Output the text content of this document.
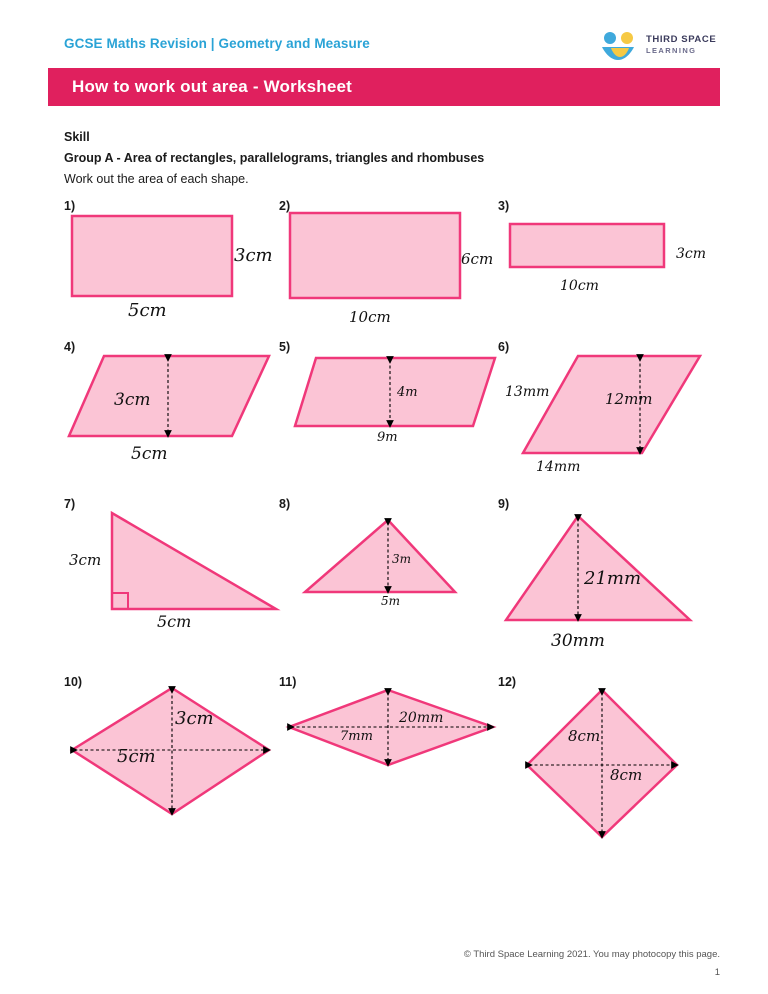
GCSE Maths Revision | Geometry and Measure	THIRD SPACE
LEARNING
How to work out area - Worksheet
Skill
Group A - Area of rectangles, parallelograms, triangles and rhombuses
Work out the area of each shape.
1)
3cm
5cm
2)
6cm
10cm
3)
3cm
10cm
4)
3cm
5cm
5)
4m
9m
6)
13mm	12mm
14mm
7)
3cm
5cm
8)
3m
5m
9)
21mm
30mm
10)
3cm
5cm
11)
20mm
7mm
12)
8cm
8cm
© Third Space Learning 2021. You may photocopy this page.
1
